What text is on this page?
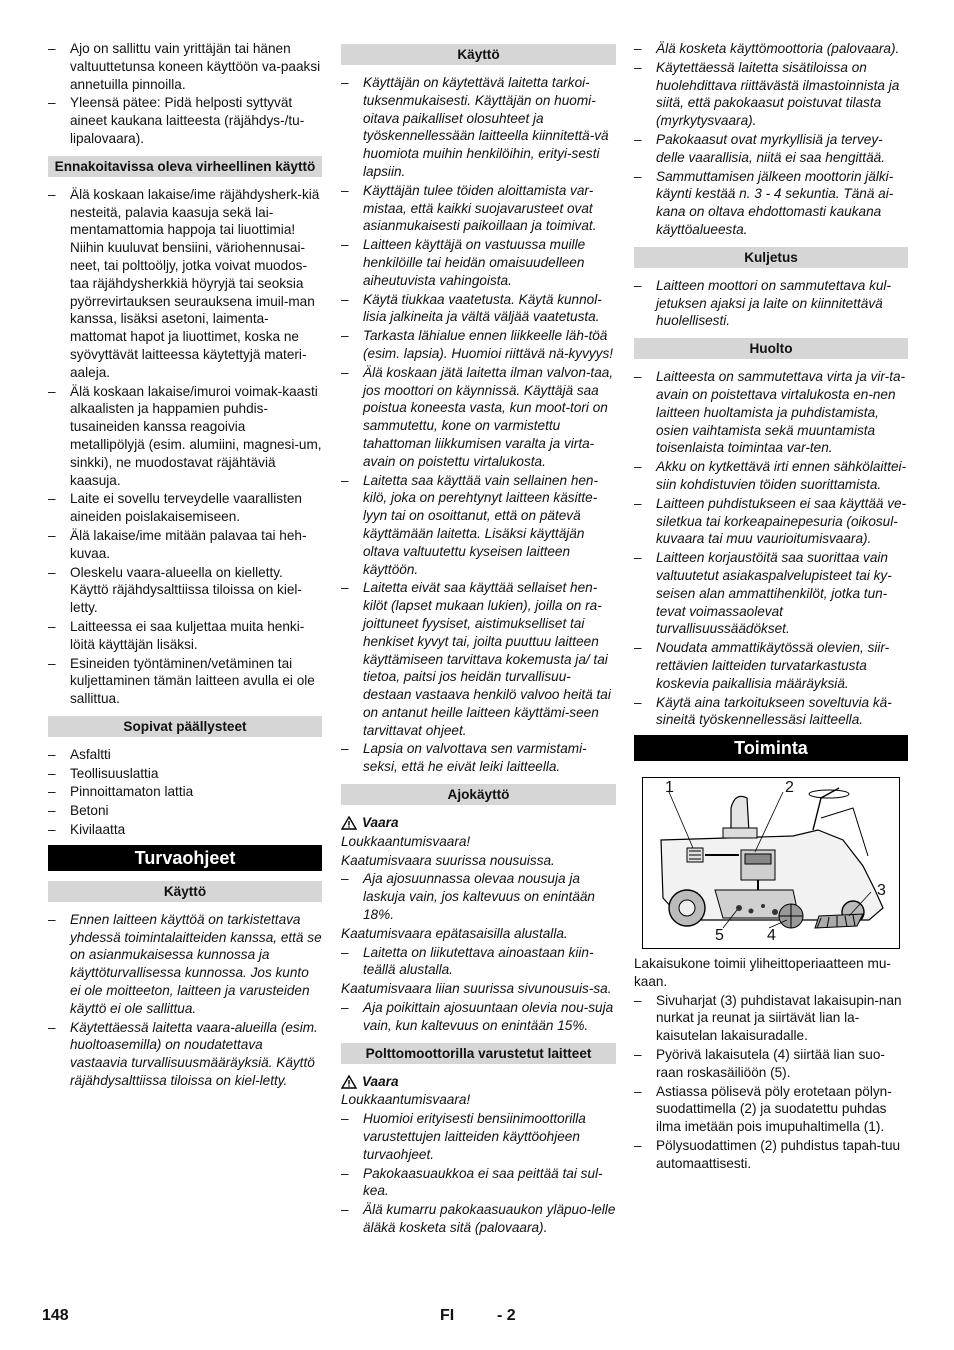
– Ajo on sallittu vain yrittäjän tai hänen valtuuttetunsa koneen käyttöön va-paaksi annetuilla pinnoilla.
– Yleensä pätee: Pidä helposti syttyvät aineet kaukana laitteesta (räjähdys-/tu-lipalovaara).
Ennakoitavissa oleva virheellinen käyttö
– Älä koskaan lakaise/ime räjähdysherk-kiä nesteitä, palavia kaasuja sekä lai-mentamattomia happoja tai liuottimia! Niihin kuuluvat bensiini, väriohennusai-neet, tai polttoöljy, jotka voivat muodos-taa räjähdysherkkiä höyryjä tai seoksia pyörrevirtauksen seurauksena imuil-man kanssa, lisäksi asetoni, laimenta-mattomat hapot ja liuottimet, koska ne syövyttävät laitteessa käytettyjä materi-aaleja.
– Älä koskaan lakaise/imuroi voimak-kaasti alkaalisten ja happamien puhdis-tusaineiden kanssa reagoivia metallipölyjä (esim. alumiini, magnesi-um, sinkki), ne muodostavat räjähtäviä kaasuja.
– Laite ei sovellu terveydelle vaarallisten aineiden poislakaisemiseen.
– Älä lakaise/ime mitään palavaa tai heh-kuvaa.
– Oleskelu vaara-alueella on kielletty. Käyttö räjähdysalttiissa tiloissa on kiel-letty.
– Laitteessa ei saa kuljettaa muita henki-löitä käyttäjän lisäksi.
– Esineiden työntäminen/vetäminen tai kuljettaminen tämän laitteen avulla ei ole sallittua.
Sopivat päällysteet
– Asfaltti
– Teollisuuslattia
– Pinnoittamaton lattia
– Betoni
– Kivilaatta
Turvaohjeet
Käyttö
– Ennen laitteen käyttöä on tarkistettava yhdessä toimintalaitteiden kanssa, että se on asianmukaisessa kunnossa ja käyttöturvallisessa kunnossa. Jos kunto ei ole moitteeton, laitteen ja varusteiden käyttö ei ole sallittua.
– Käytettäessä laitetta vaara-alueilla (esim. huoltoasemilla) on noudatettava vastaavia turvallisuusmääräyksiä. Käyttö räjähdysalttiissa tiloissa on kiel-letty.
Käyttö
– Käyttäjän on käytettävä laitetta tarkoi-tuksenmukaisesti. Käyttäjän on huomi-oitava paikalliset olosuhteet ja työskennellessään laitteella kiinnitettä-vä huomiota muihin henkilöihin, erityi-sesti lapsiin.
– Käyttäjän tulee töiden aloittamista var-mistaa, että kaikki suojavarusteet ovat asianmukaisesti paikoillaan ja toimivat.
– Laitteen käyttäjä on vastuussa muille henkilöille tai heidän omaisuudelleen aiheutuvista vahingoista.
– Käytä tiukkaa vaatetusta. Käytä kunnol-lisia jalkineita ja vältä väljää vaatetusta.
– Tarkasta lähialue ennen liikkeelle läh-töä (esim. lapsia). Huomioi riittävä nä-kyvyys!
– Älä koskaan jätä laitetta ilman valvon-taa, jos moottori on käynnissä. Käyttäjä saa poistua koneesta vasta, kun moot-tori on sammutettu, kone on varmistettu tahattoman liikkumisen varalta ja virta-avain on poistettu virtalukosta.
– Laitetta saa käyttää vain sellainen hen-kilö, joka on perehtynyt laitteen käsitte-lyyn tai on osoittanut, että on pätevä käyttämään laitetta. Lisäksi käyttäjän oltava valtuutettu kyseisen laitteen käyttöön.
– Laitetta eivät saa käyttää sellaiset hen-kilöt (lapset mukaan lukien), joilla on ra-joittuneet fyysiset, aistimukselliset tai henkiset kyvyt tai, joilta puuttuu laitteen käyttämiseen tarvittava kokemusta ja/ tai tietoa, paitsi jos heidän turvallisuu-destaan vastaava henkilö valvoo heitä tai on antanut heille laitteen käyttämi-seen tarvittavat ohjeet.
– Lapsia on valvottava sen varmistami-seksi, että he eivät leiki laitteella.
Ajokäyttö
Vaara
Loukkaantumisvaara!
Kaatumisvaara suurissa nousuissa.
– Aja ajosuunnassa olevaa nousuja ja laskuja vain, jos kaltevuus on enintään 18%.
Kaatumisvaara epätasaisilla alustalla.
– Laitetta on liikutettava ainoastaan kiin-teällä alustalla.
Kaatumisvaara liian suurissa sivunousuis-sa.
– Aja poikittain ajosuuntaan olevia nou-suja vain, kun kaltevuus on enintään 15%.
Polttomoottorilla varustetut laitteet
Vaara
Loukkaantumisvaara!
– Huomioi erityisesti bensiinimoottorilla varustettujen laitteiden käyttöohjeen turvaohjeet.
– Pakokaasuaukkoa ei saa peittää tai sul-kea.
– Älä kumarru pakokaasuaukon yläpuo-lelle äläkä kosketa sitä (palovaara).
– Älä kosketa käyttömoottoria (palovaara).
– Käytettäessä laitetta sisätiloissa on huolehdittava riittävästä ilmastoinnista ja siitä, että pakokaasut poistuvat tilasta (myrkytysvaara).
– Pakokaasut ovat myrkyllisiä ja tervey-delle vaarallisia, niitä ei saa hengittää.
– Sammuttamisen jälkeen moottorin jälki-käynti kestää n. 3 - 4 sekuntia. Tänä ai-kana on oltava ehdottomasti kaukana käyttöalueesta.
Kuljetus
– Laitteen moottori on sammutettava kul-jetuksen ajaksi ja laite on kiinnitettävä huolellisesti.
Huolto
– Laitteesta on sammutettava virta ja vir-ta-avain on poistettava virtalukosta en-nen laitteen huoltamista ja puhdistamista, osien vaihtamista sekä muuntamista toisenlaista toimintaa var-ten.
– Akku on kytkettävä irti ennen sähkölaittei-siin kohdistuvien töiden suorittamista.
– Laitteen puhdistukseen ei saa käyttää ve-siletkua tai korkeapainepesuria (oikosul-kuvaara tai muu vaurioitumisvaara).
– Laitteen korjaustöitä saa suorittaa vain valtuutetut asiakaspalvelupisteet tai ky-seisen alan ammattihenkilöt, jotka tun-tevat voimassaolevat turvallisuussäädökset.
– Noudata ammattikäytössä olevien, siir-rettävien laitteiden turvatarkastusta koskevia paikallisia määräyksiä.
– Käytä aina tarkoitukseen soveltuvia kä-sineitä työskennellessäsi laitteella.
Toiminta
1	2
3
4
5
Lakaisukone toimii yliheittoperiaatteen mu-kaan.
– Sivuharjat (3) puhdistavat lakaisupin-nan nurkat ja reunat ja siirtävät lian la-kaisutelan lakaisuradalle.
– Pyörivä lakaisutela (4) siirtää lian suo-raan roskasäiliöön (5).
– Astiassa pölisevä pöly erotetaan pölyn-suodattimella (2) ja suodatettu puhdas ilma imetään pois imupuhaltimella (1).
– Pölysuodattimen (2) puhdistus tapah-tuu automaattisesti.
148	FI	- 2
